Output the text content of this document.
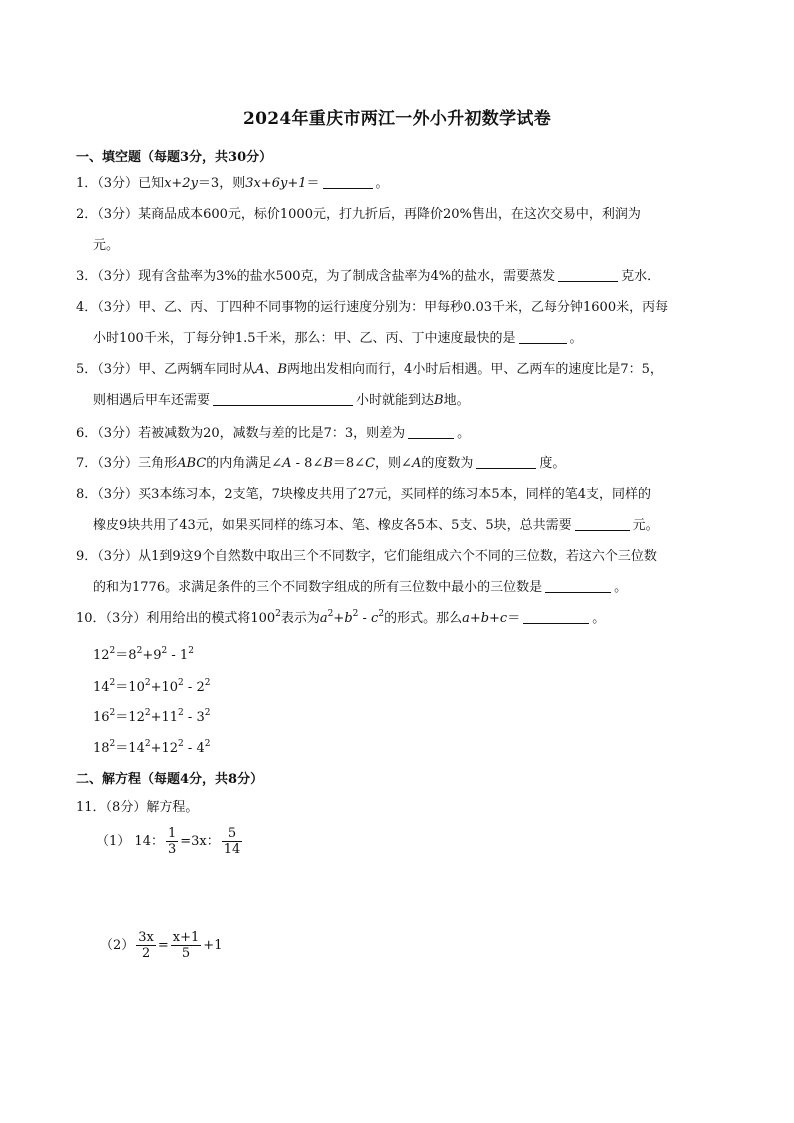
2024年重庆市两江一外小升初数学试卷
一、填空题（每题3分，共30分）
1．（3分）已知x+2y＝3，则3x+6y+1＝	。
2．（3分）某商品成本600元，标价1000元，打九折后，再降价20%售出，在这次交易中，利润为
元。
3．（3分）现有含盐率为3%的盐水500克，为了制成含盐率为4%的盐水，需要蒸发	克水．
4．（3分）甲、乙、丙、丁四种不同事物的运行速度分别为：甲每秒0.03千米，乙每分钟1600米，丙每
小时100千米，丁每分钟1.5千米，那么：甲、乙、丙、丁中速度最快的是	。
5．（3分）甲、乙两辆车同时从A、B两地出发相向而行，4小时后相遇。甲、乙两车的速度比是7：5，
则相遇后甲车还需要	小时就能到达B地。
6．（3分）若被减数为20，减数与差的比是7：3，则差为	。
7．（3分）三角形ABC的内角满足∠A - 8∠B＝8∠C，则∠A的度数为	度。
8．（3分）买3本练习本，2支笔，7块橡皮共用了27元，买同样的练习本5本，同样的笔4支，同样的
橡皮9块共用了43元，如果买同样的练习本、笔、橡皮各5本、5支、5块，总共需要	元。
9．（3分）从1到9这9个自然数中取出三个不同数字，它们能组成六个不同的三位数，若这六个三位数
的和为1776。求满足条件的三个不同数字组成的所有三位数中最小的三位数是	。
10．（3分）利用给出的模式将$100^2$表示为$a^2+b^2 - c^2$的形式。那么a+b+c＝	。
$12^2=8^2+9^2 - 1^2$
$14^2=10^2+10^2 - 2^2$
$16^2=12^2+11^2 - 3^2$
$18^2=14^2+12^2 - 4^2$
二、解方程（每题4分，共8分）
11．（8分）解方程。
（1） 14： $\frac{1}{3} =3x$： $\frac{5}{14}$
$(2) \frac{3x}{2} = \frac{x+1}{5} +1$
